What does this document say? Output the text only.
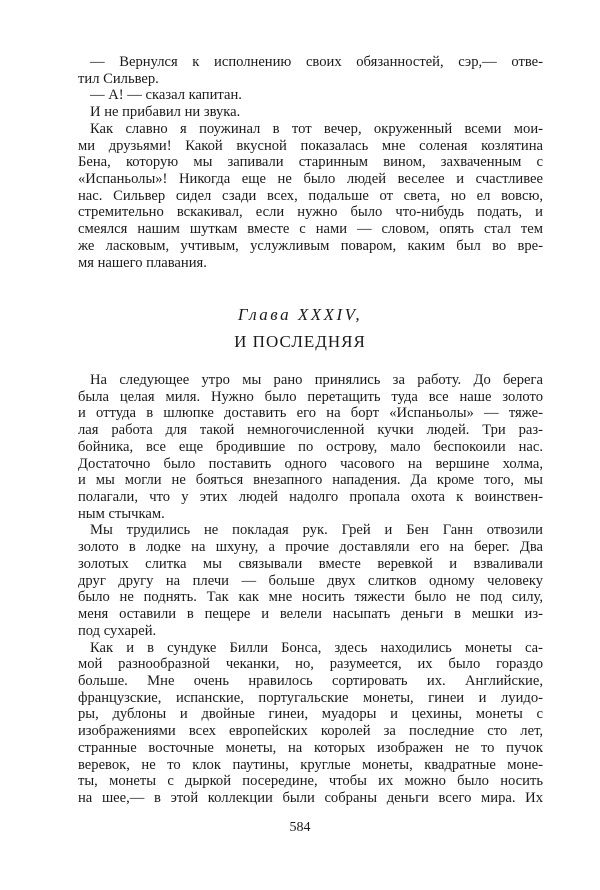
— Вернулся к исполнению своих обязанностей, сэр,— отве-
тил Сильвер.
— А! — сказал капитан.
И не прибавил ни звука.
Как славно я поужинал в тот вечер, окруженный всеми мои-
ми друзьями! Какой вкусной показалась мне соленая козлятина
Бена, которую мы запивали старинным вином, захваченным с
«Испаньолы»! Никогда еще не было людей веселее и счастливее
нас. Сильвер сидел сзади всех, подальше от света, но ел вовсю,
стремительно вскакивал, если нужно было что-нибудь подать, и
смеялся нашим шуткам вместе с нами — словом, опять стал тем
же ласковым, учтивым, услужливым поваром, каким был во вре-
мя нашего плавания.
Глава XXXIV,
И ПОСЛЕДНЯЯ
На следующее утро мы рано принялись за работу. До берега
была целая миля. Нужно было перетащить туда все наше золото
и оттуда в шлюпке доставить его на борт «Испаньолы» — тяже-
лая работа для такой немногочисленной кучки людей. Три раз-
бойника, все еще бродившие по острову, мало беспокоили нас.
Достаточно было поставить одного часового на вершине холма,
и мы могли не бояться внезапного нападения. Да кроме того, мы
полагали, что у этих людей надолго пропала охота к воинствен-
ным стычкам.
Мы трудились не покладая рук. Грей и Бен Ганн отвозили
золото в лодке на шхуну, а прочие доставляли его на берег. Два
золотых слитка мы связывали вместе веревкой и взваливали
друг другу на плечи — больше двух слитков одному человеку
было не поднять. Так как мне носить тяжести было не под силу,
меня оставили в пещере и велели насыпать деньги в мешки из-
под сухарей.
Как и в сундуке Билли Бонса, здесь находились монеты са-
мой разнообразной чеканки, но, разумеется, их было гораздо
больше. Мне очень нравилось сортировать их. Английские,
французские, испанские, португальские монеты, гинеи и луидо-
ры, дублоны и двойные гинеи, муадоры и цехины, монеты с
изображениями всех европейских королей за последние сто лет,
странные восточные монеты, на которых изображен не то пучок
веревок, не то клок паутины, круглые монеты, квадратные моне-
ты, монеты с дыркой посередине, чтобы их можно было носить
на шее,— в этой коллекции были собраны деньги всего мира. Их
584
